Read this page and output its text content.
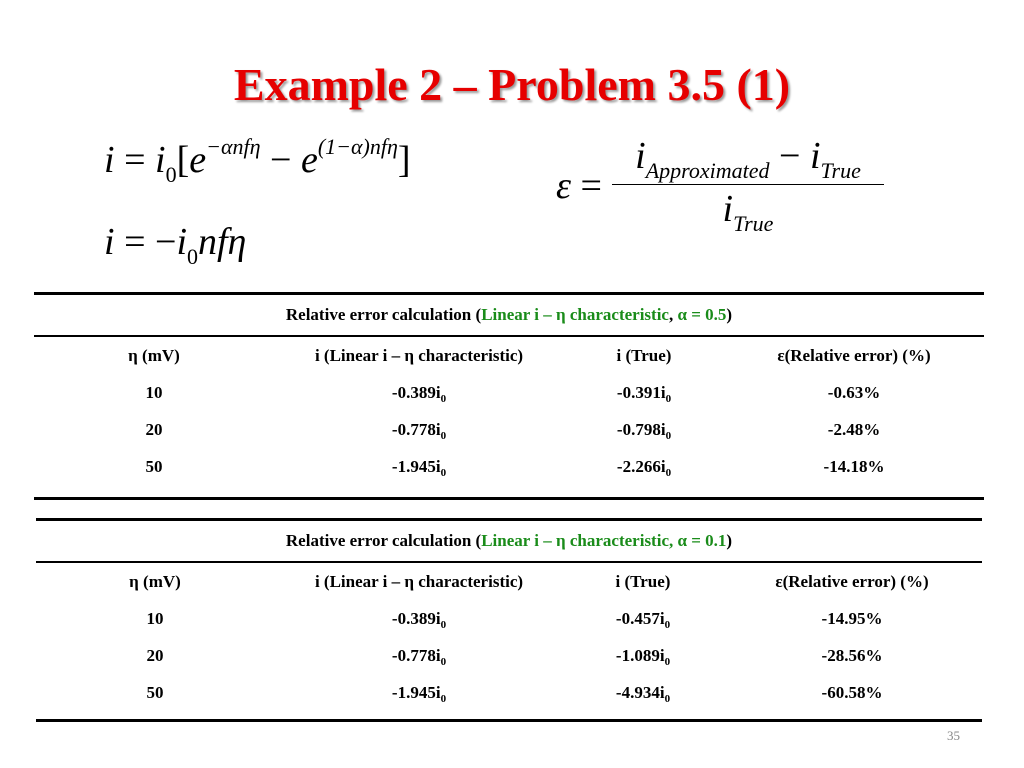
Example 2 – Problem 3.5 (1)
$i = i_0[e^{-\alpha nf\eta} - e^{(1-\alpha)nf\eta}]$
$i = -i_0nf\eta$
ε =
$i_{Approximated} - i_{True}$
$i_{True}$
Relative error calculation (Linear i – η characteristic, α = 0.5)			
η (mV)	i (Linear i – η characteristic)	i (True)	ε(Relative error) (%)
10	$-0.389i_0$	$-0.391i_0$	-0.63%
20	$-0.778i_0$	$-0.798i_0$	-2.48%
50	$-1.945i_0$	$-2.266i_0$	-14.18%

Relative error calculation (Linear i – η characteristic, α = 0.1)			
η (mV)	i (Linear i – η characteristic)	i (True)	ε(Relative error) (%)
10	$-0.389i_0$	$-0.457i_0$	-14.95%
20	$-0.778i_0$	$-1.089i_0$	-28.56%
50	$-1.945i_0$	$-4.934i_0$	-60.58%

35
